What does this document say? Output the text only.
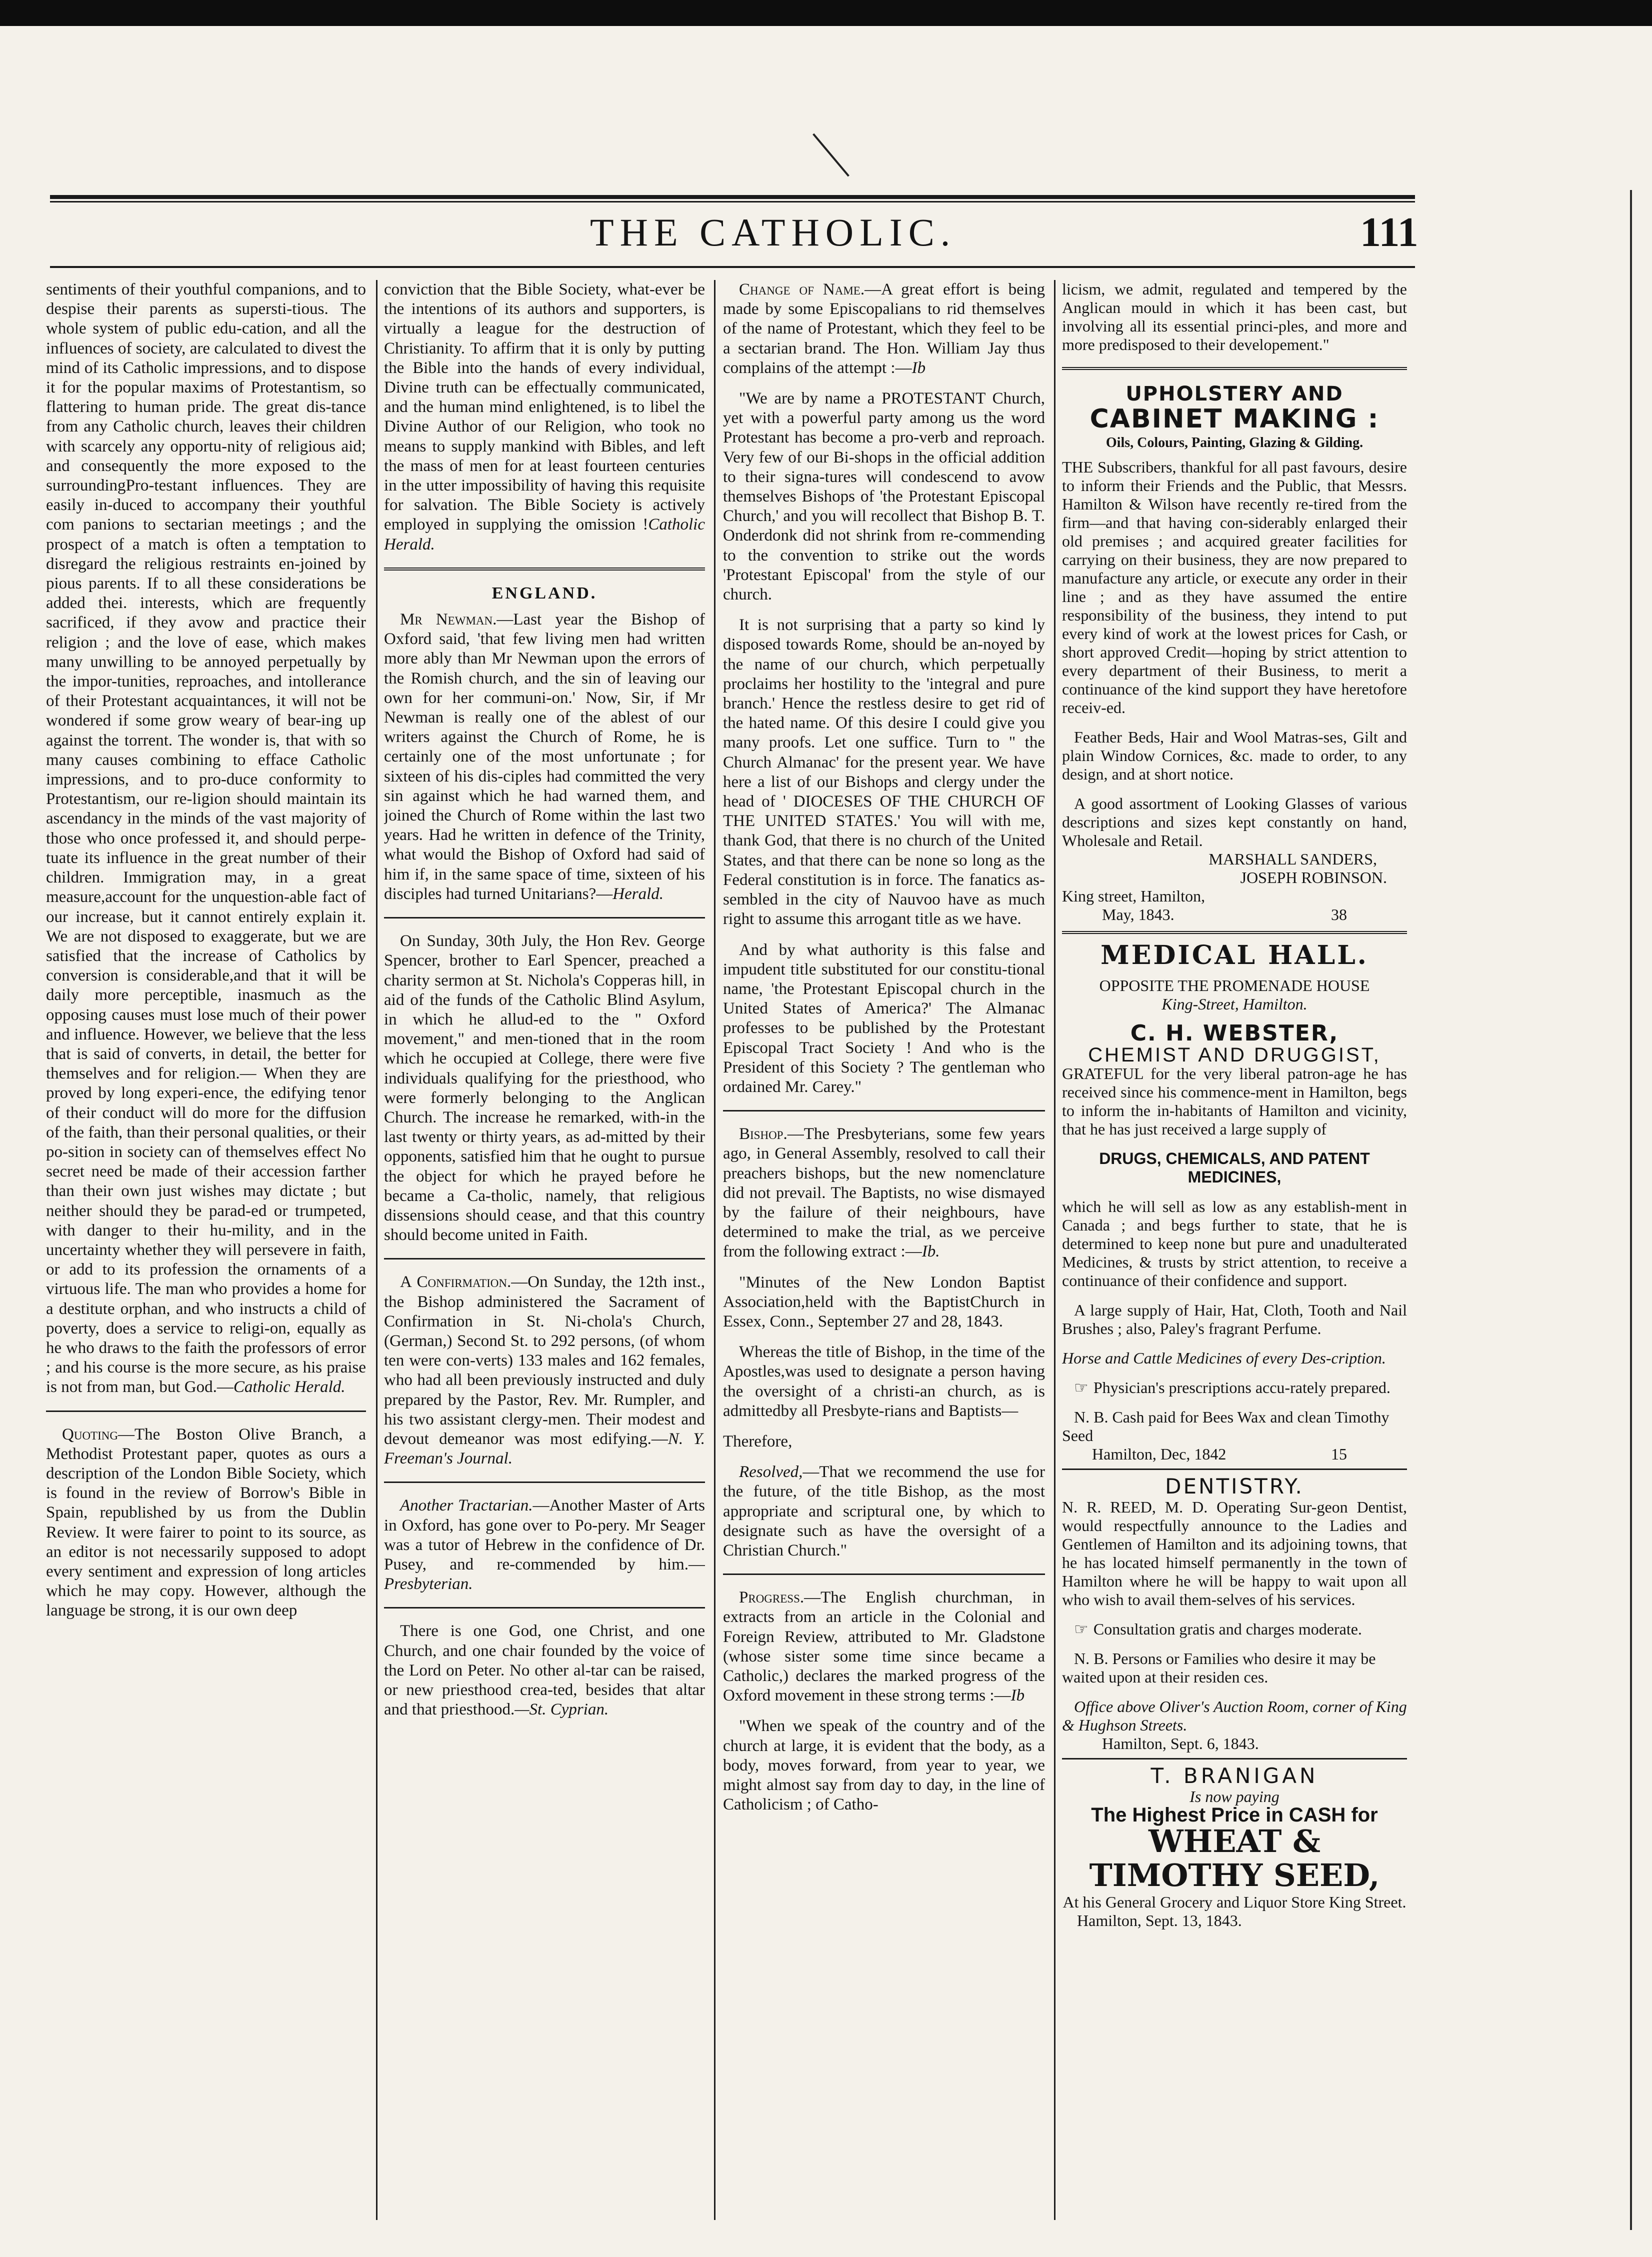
THE CATHOLIC.	111

sentiments of their youthful companions, and to despise their parents as supersti-tious. The whole system of public edu-cation, and all the influences of society, are calculated to divest the mind of its Catholic impressions, and to dispose it for the popular maxims of Protestantism, so flattering to human pride. The great dis-tance from any Catholic church, leaves their children with scarcely any opportu-nity of religious aid; and consequently the more exposed to the surroundingPro-testant influences. They are easily in-duced to accompany their youthful com panions to sectarian meetings ; and the prospect of a match is often a temptation to disregard the religious restraints en-joined by pious parents. If to all these considerations be added thei. interests, which are frequently sacrificed, if they avow and practice their religion ; and the love of ease, which makes many unwilling to be annoyed perpetually by the impor-tunities, reproaches, and intollerance of their Protestant acquaintances, it will not be wondered if some grow weary of bear-ing up against the torrent. The wonder is, that with so many causes combining to efface Catholic impressions, and to pro-duce conformity to Protestantism, our re-ligion should maintain its ascendancy in the minds of the vast majority of those who once professed it, and should perpe-tuate its influence in the great number of their children. Immigration may, in a great measure,account for the unquestion-able fact of our increase, but it cannot entirely explain it. We are not disposed to exaggerate, but we are satisfied that the increase of Catholics by conversion is considerable,and that it will be daily more perceptible, inasmuch as the opposing causes must lose much of their power and influence. However, we believe that the less that is said of converts, in detail, the better for themselves and for religion.— When they are proved by long experi-ence, the edifying tenor of their conduct will do more for the diffusion of the faith, than their personal qualities, or their po-sition in society can of themselves effect No secret need be made of their accession farther than their own just wishes may dictate ; but neither should they be parad-ed or trumpeted, with danger to their hu-mility, and in the uncertainty whether they will persevere in faith, or add to its profession the ornaments of a virtuous life. The man who provides a home for a destitute orphan, and who instructs a child of poverty, does a service to religi-on, equally as he who draws to the faith the professors of error ; and his course is the more secure, as his praise is not from man, but God.—Catholic Herald.

Quoting—The Boston Olive Branch, a Methodist Protestant paper, quotes as ours a description of the London Bible Society, which is found in the review of Borrow's Bible in Spain, republished by us from the Dublin Review. It were fairer to point to its source, as an editor is not necessarily supposed to adopt every sentiment and expression of long articles which he may copy. However, although the language be strong, it is our own deep

conviction that the Bible Society, what-ever be the intentions of its authors and supporters, is virtually a league for the destruction of Christianity. To affirm that it is only by putting the Bible into the hands of every individual, Divine truth can be effectually communicated, and the human mind enlightened, is to libel the Divine Author of our Religion, who took no means to supply mankind with Bibles, and left the mass of men for at least fourteen centuries in the utter impossibility of having this requisite for salvation. The Bible Society is actively employed in supplying the omission !Catholic Herald.

ENGLAND.

Mr Newman.—Last year the Bishop of Oxford said, 'that few living men had written more ably than Mr Newman upon the errors of the Romish church, and the sin of leaving our own for her communi-on.' Now, Sir, if Mr Newman is really one of the ablest of our writers against the Church of Rome, he is certainly one of the most unfortunate ; for sixteen of his dis-ciples had committed the very sin against which he had warned them, and joined the Church of Rome within the last two years. Had he written in defence of the Trinity, what would the Bishop of Oxford had said of him if, in the same space of time, sixteen of his disciples had turned Unitarians?—Herald.

On Sunday, 30th July, the Hon Rev. George Spencer, brother to Earl Spencer, preached a charity sermon at St. Nichola's Copperas hill, in aid of the funds of the Catholic Blind Asylum, in which he allud-ed to the " Oxford movement," and men-tioned that in the room which he occupied at College, there were five individuals qualifying for the priesthood, who were formerly belonging to the Anglican Church. The increase he remarked, with-in the last twenty or thirty years, as ad-mitted by their opponents, satisfied him that he ought to pursue the object for which he prayed before he became a Ca-tholic, namely, that religious dissensions should cease, and that this country should become united in Faith.

A Confirmation.—On Sunday, the 12th inst., the Bishop administered the Sacrament of Confirmation in St. Ni-chola's Church, (German,) Second St. to 292 persons, (of whom ten were con-verts) 133 males and 162 females, who had all been previously instructed and duly prepared by the Pastor, Rev. Mr. Rumpler, and his two assistant clergy-men. Their modest and devout demeanor was most edifying.—N. Y. Freeman's Journal.

Another Tractarian.—Another Master of Arts in Oxford, has gone over to Po-pery. Mr Seager was a tutor of Hebrew in the confidence of Dr. Pusey, and re-commended by him.—Presbyterian.

There is one God, one Christ, and one Church, and one chair founded by the voice of the Lord on Peter. No other al-tar can be raised, or new priesthood crea-ted, besides that altar and that priesthood.—St. Cyprian.

Change of Name.—A great effort is being made by some Episcopalians to rid themselves of the name of Protestant, which they feel to be a sectarian brand. The Hon. William Jay thus complains of the attempt :—Ib

"We are by name a PROTESTANT Church, yet with a powerful party among us the word Protestant has become a pro-verb and reproach. Very few of our Bi-shops in the official addition to their signa-tures will condescend to avow themselves Bishops of 'the Protestant Episcopal Church,' and you will recollect that Bishop B. T. Onderdonk did not shrink from re-commending to the convention to strike out the words 'Protestant Episcopal' from the style of our church.

It is not surprising that a party so kind ly disposed towards Rome, should be an-noyed by the name of our church, which perpetually proclaims her hostility to the 'integral and pure branch.' Hence the restless desire to get rid of the hated name. Of this desire I could give you many proofs. Let one suffice. Turn to " the Church Almanac' for the present year. We have here a list of our Bishops and clergy under the head of ' DIOCESES OF THE CHURCH OF THE UNITED STATES.' You will with me, thank God, that there is no church of the United States, and that there can be none so long as the Federal constitution is in force. The fanatics as-sembled in the city of Nauvoo have as much right to assume this arrogant title as we have.

And by what authority is this false and impudent title substituted for our constitu-tional name, 'the Protestant Episcopal church in the United States of America?' The Almanac professes to be published by the Protestant Episcopal Tract Society ! And who is the President of this Society ? The gentleman who ordained Mr. Carey."

Bishop.—The Presbyterians, some few years ago, in General Assembly, resolved to call their preachers bishops, but the new nomenclature did not prevail. The Baptists, no wise dismayed by the failure of their neighbours, have determined to make the trial, as we perceive from the following extract :—Ib.

"Minutes of the New London Baptist Association,held with the BaptistChurch in Essex, Conn., September 27 and 28, 1843.

Whereas the title of Bishop, in the time of the Apostles,was used to designate a person having the oversight of a christi-an church, as is admittedby all Presbyte-rians and Baptists—

Therefore,

Resolved,—That we recommend the use for the future, of the title Bishop, as the most appropriate and scriptural one, by which to designate such as have the oversight of a Christian Church."

Progress.—The English churchman, in extracts from an article in the Colonial and Foreign Review, attributed to Mr. Gladstone (whose sister some time since became a Catholic,) declares the marked progress of the Oxford movement in these strong terms :—Ib

"When we speak of the country and of the church at large, it is evident that the body, as a body, moves forward, from year to year, we might almost say from day to day, in the line of Catholicism ; of Catho-

licism, we admit, regulated and tempered by the Anglican mould in which it has been cast, but involving all its essential princi-ples, and more and more predisposed to their developement."

UPHOLSTERY AND
CABINET MAKING :
Oils, Colours, Painting, Glazing & Gilding.

THE Subscribers, thankful for all past favours, desire to inform their Friends and the Public, that Messrs. Hamilton & Wilson have recently re-tired from the firm—and that having con-siderably enlarged their old premises ; and acquired greater facilities for carrying on their business, they are now prepared to manufacture any article, or execute any order in their line ; and as they have assumed the entire responsibility of the business, they intend to put every kind of work at the lowest prices for Cash, or short approved Credit—hoping by strict attention to every department of their Business, to merit a continuance of the kind support they have heretofore receiv-ed.

Feather Beds, Hair and Wool Matras-ses, Gilt and plain Window Cornices, &c. made to order, to any design, and at short notice.

A good assortment of Looking Glasses of various descriptions and sizes kept constantly on hand, Wholesale and Retail.

MARSHALL SANDERS,
JOSEPH ROBINSON.
King street, Hamilton,
May, 1843.	38
MEDICAL HALL.
OPPOSITE THE PROMENADE HOUSE
King-Street, Hamilton.
C. H. WEBSTER,
CHEMIST AND DRUGGIST,

GRATEFUL for the very liberal patron-age he has received since his commence-ment in Hamilton, begs to inform the in-habitants of Hamilton and vicinity, that he has just received a large supply of

DRUGS, CHEMICALS, AND PATENT MEDICINES,

which he will sell as low as any establish-ment in Canada ; and begs further to state, that he is determined to keep none but pure and unadulterated Medicines, & trusts by strict attention, to receive a continuance of their confidence and support.

A large supply of Hair, Hat, Cloth, Tooth and Nail Brushes ; also, Paley's fragrant Perfume.

Horse and Cattle Medicines of every Des-cription.

☞ Physician's prescriptions accu-rately prepared.

N. B. Cash paid for Bees Wax and clean Timothy Seed

Hamilton, Dec, 1842	15
DENTISTRY.

N. R. REED, M. D. Operating Sur-geon Dentist, would respectfully announce to the Ladies and Gentlemen of Hamilton and its adjoining towns, that he has located himself permanently in the town of Hamilton where he will be happy to wait upon all who wish to avail them-selves of his services.

☞ Consultation gratis and charges moderate.

N. B. Persons or Families who desire it may be waited upon at their residen ces.

Office above Oliver's Auction Room, corner of King & Hughson Streets.

Hamilton, Sept. 6, 1843.
T. BRANIGAN
Is now paying
The Highest Price in CASH for
WHEAT & TIMOTHY SEED,
At his General Grocery and Liquor Store King Street.
Hamilton, Sept. 13, 1843.
